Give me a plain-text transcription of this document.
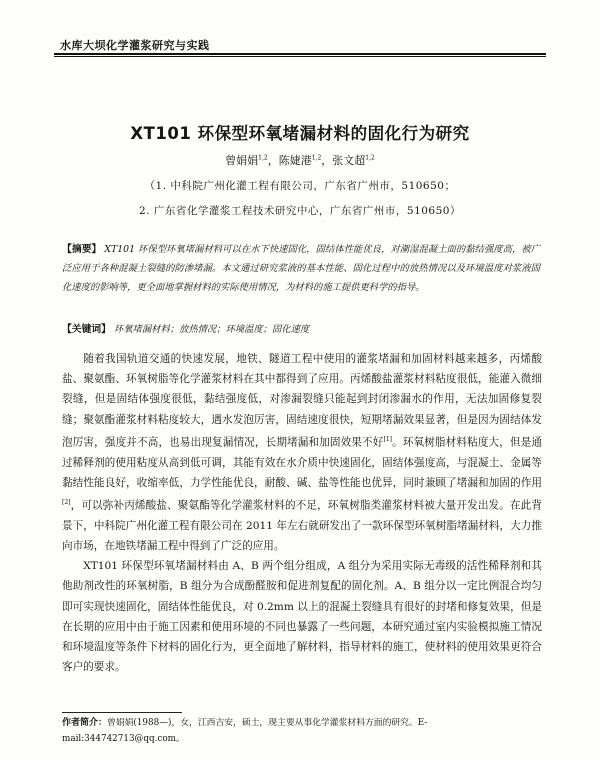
水库大坝化学灌浆研究与实践
XT101 环保型环氧堵漏材料的固化行为研究
曾娟娟$^{1,2}$，陈婕港$^{1,2}$，张文超$^{1,2}$
（1. 中科院广州化灌工程有限公司，广东省广州市，510650；
2. 广东省化学灌浆工程技术研究中心，广东省广州市，510650）
【摘要】 XT101 环保型环氧堵漏材料可以在水下快速固化，固结体性能优良，对潮湿混凝土面的黏结强度高，被广泛应用于各种混凝土裂缝的防渗堵漏。本文通过研究浆液的基本性能、固化过程中的放热情况以及环境温度对浆液固化速度的影响等，更全面地掌握材料的实际使用情况，为材料的施工提供更科学的指导。
【关键词】 环氧堵漏材料；放热情况；环境温度；固化速度

随着我国轨道交通的快速发展，地铁、隧道工程中使用的灌浆堵漏和加固材料越来越多，丙烯酸盐、聚氨酯、环氧树脂等化学灌浆材料在其中都得到了应用。丙烯酸盐灌浆材料粘度很低，能灌入微细裂缝，但是固结体强度很低，黏结强度低，对渗漏裂缝只能起到封闭渗漏水的作用，无法加固修复裂缝；聚氨酯灌浆材料粘度较大，遇水发泡厉害，固结速度很快，短期堵漏效果显著，但是因为固结体发泡厉害，强度并不高，也易出现复漏情况，长期堵漏和加固效果不好[1]。环氧树脂材料粘度大，但是通过稀释剂的使用粘度从高到低可调，其能有效在水介质中快速固化，固结体强度高，与混凝土、金属等黏结性能良好，收缩率低，力学性能优良，耐酸、碱、盐等性能也优异，同时兼顾了堵漏和加固的作用[2]，可以弥补丙烯酸盐、聚氨酯等化学灌浆材料的不足，环氧树脂类灌浆材料被大量开发出发。在此背景下，中科院广州化灌工程有限公司在 2011 年左右就研发出了一款环保型环氧树脂堵漏材料，大力推向市场，在地铁堵漏工程中得到了广泛的应用。

XT101 环保型环氧堵漏材料由 A、B 两个组分组成，A 组分为采用实际无毒级的活性稀释剂和其他助剂改性的环氧树脂，B 组分为合成酚醛胺和促进剂复配的固化剂。A、B 组分以一定比例混合均匀即可实现快速固化，固结体性能优良，对 0.2mm 以上的混凝土裂缝具有很好的封堵和修复效果，但是在长期的应用中由于施工因素和使用环境的不同也暴露了一些问题，本研究通过室内实验模拟施工情况和环境温度等条件下材料的固化行为，更全面地了解材料，指导材料的施工，使材料的使用效果更符合客户的要求。

作者简介：曾娟娟(1988—)，女，江西吉安，硕士，现主要从事化学灌浆材料方面的研究。E-mail:344742713@qq.com。
